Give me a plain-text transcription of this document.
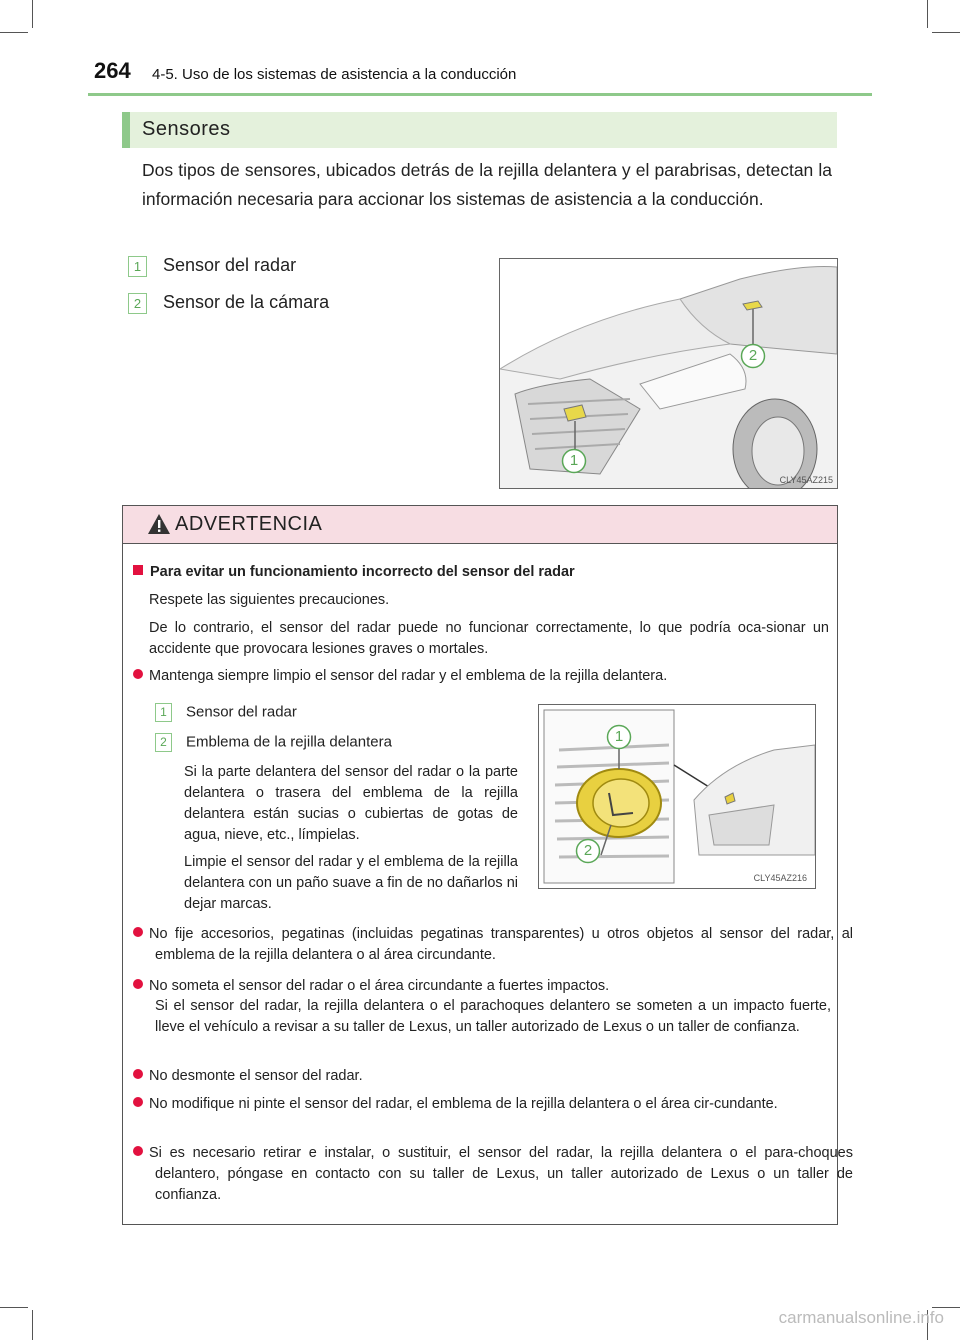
264 4-5. Uso de los sistemas de asistencia a la conducción
Sensores
Dos tipos de sensores, ubicados detrás de la rejilla delantera y el parabrisas, detectan la información necesaria para accionar los sistemas de asistencia a la conducción.
1 Sensor del radar
2 Sensor de la cámara
2
1
CLY45AZ215
ADVERTENCIA
Para evitar un funcionamiento incorrecto del sensor del radar
Respete las siguientes precauciones.
De lo contrario, el sensor del radar puede no funcionar correctamente, lo que podría oca-sionar un accidente que provocara lesiones graves o mortales.
Mantenga siempre limpio el sensor del radar y el emblema de la rejilla delantera.
1 Sensor del radar
2 Emblema de la rejilla delantera
Si la parte delantera del sensor del radar o la parte delantera o trasera del emblema de la rejilla delantera están sucias o cubiertas de gotas de agua, nieve, etc., límpielas.
Limpie el sensor del radar y el emblema de la rejilla delantera con un paño suave a fin de no dañarlos ni dejar marcas.
1
2
CLY45AZ216
No fije accesorios, pegatinas (incluidas pegatinas transparentes) u otros objetos al sensor del radar, al emblema de la rejilla delantera o al área circundante.
No someta el sensor del radar o el área circundante a fuertes impactos.
Si el sensor del radar, la rejilla delantera o el parachoques delantero se someten a un impacto fuerte, lleve el vehículo a revisar a su taller de Lexus, un taller autorizado de Lexus o un taller de confianza.
No desmonte el sensor del radar.
No modifique ni pinte el sensor del radar, el emblema de la rejilla delantera o el área cir-cundante.
Si es necesario retirar e instalar, o sustituir, el sensor del radar, la rejilla delantera o el para-choques delantero, póngase en contacto con su taller de Lexus, un taller autorizado de Lexus o un taller de confianza.
carmanualsonline.info
